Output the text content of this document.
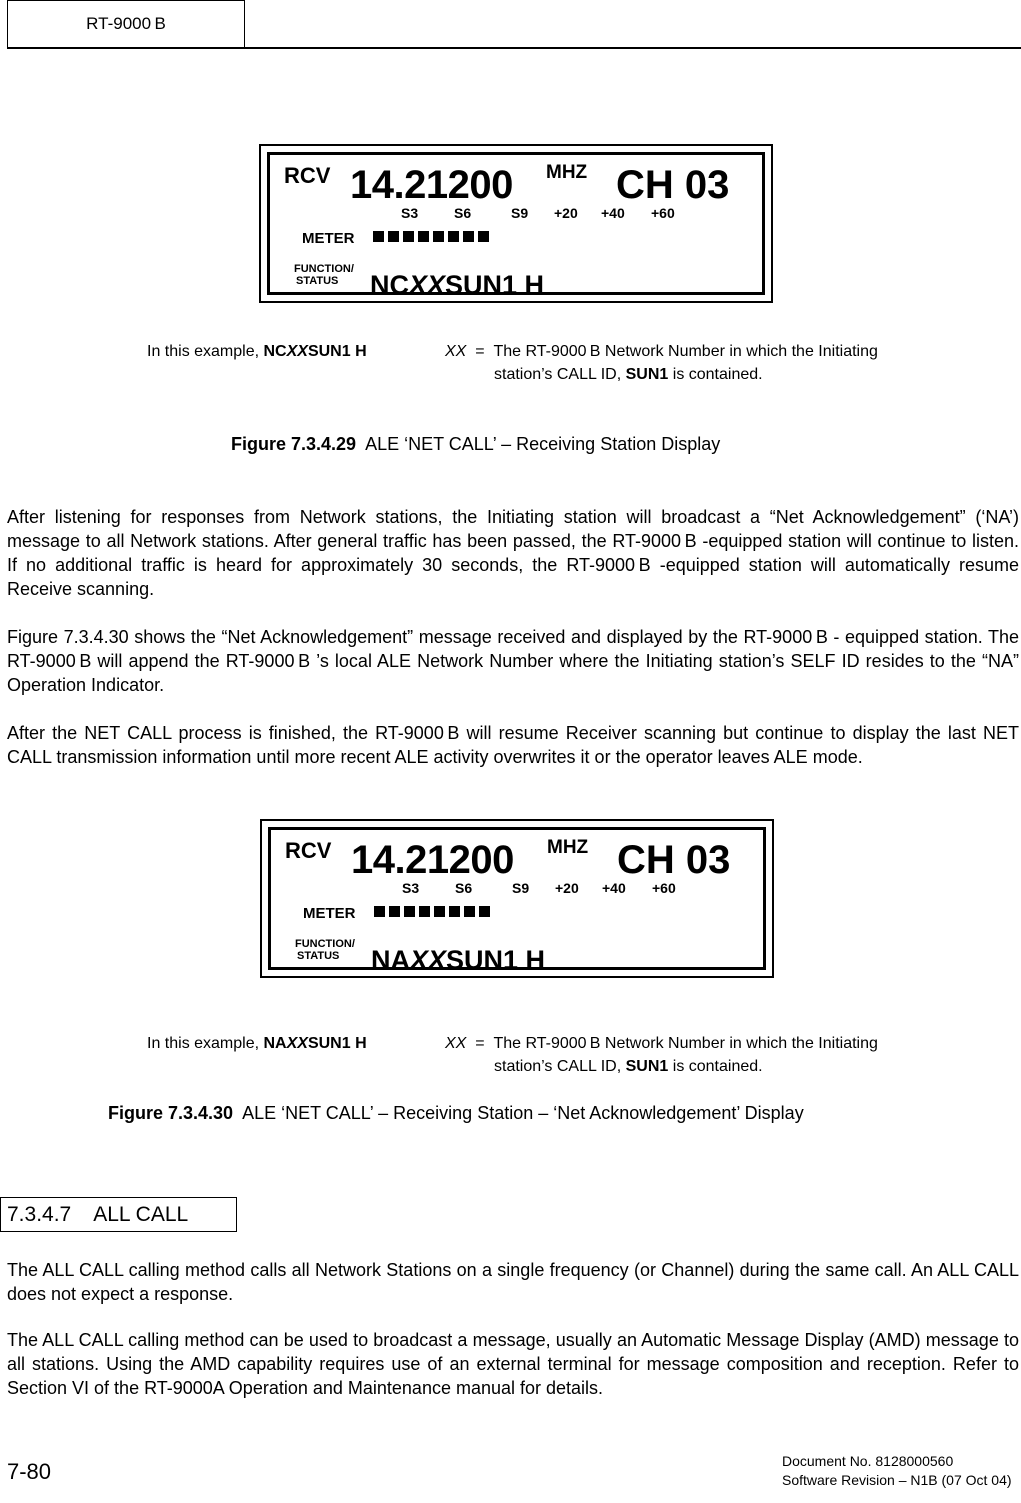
RT-9000 B
RCV 14.21200 MHZ CH 03
S3	S6	S9 +20 +40 +60
METER
FUNCTION/
STATUS	NCXXSUN1 H
In this example, NCXXSUN1 H	XX = The RT-9000 B Network Number in which the Initiating
station’s CALL ID, SUN1 is contained.
Figure 7.3.4.29  ALE ‘NET CALL’ – Receiving Station Display

After listening for responses from Network stations, the Initiating station will broadcast a “Net Acknowledgement” (‘NA’) message to all Network stations. After general traffic has been passed, the RT-9000 B -equipped station will continue to listen. If no additional traffic is heard for approximately 30 seconds, the RT-9000 B -equipped station will automatically resume Receive scanning.

Figure 7.3.4.30 shows the “Net Acknowledgement” message received and displayed by the RT-9000 B - equipped station. The RT-9000 B will append the RT-9000 B ’s local ALE Network Number where the Initiating station’s SELF ID resides to the “NA” Operation Indicator.

After the NET CALL process is finished, the RT-9000 B will resume Receiver scanning but continue to display the last NET CALL transmission information until more recent ALE activity overwrites it or the operator leaves ALE mode.

RCV 14.21200 MHZ CH 03
S3	S6	S9 +20 +40 +60
METER
FUNCTION/
STATUS	NAXXSUN1 H
In this example, NAXXSUN1 H	XX = The RT-9000 B Network Number in which the Initiating
station’s CALL ID, SUN1 is contained.
Figure 7.3.4.30  ALE ‘NET CALL’ – Receiving Station – ‘Net Acknowledgement’ Display
7.3.4.7 ALL CALL

The ALL CALL calling method calls all Network Stations on a single frequency (or Channel) during the same call. An ALL CALL does not expect a response.

The ALL CALL calling method can be used to broadcast a message, usually an Automatic Message Display (AMD) message to all stations. Using the AMD capability requires use of an external terminal for message composition and reception. Refer to Section VI of the RT-9000A Operation and Maintenance manual for details.

7-80	Document No. 8128000560
Software Revision – N1B (07 Oct 04)
